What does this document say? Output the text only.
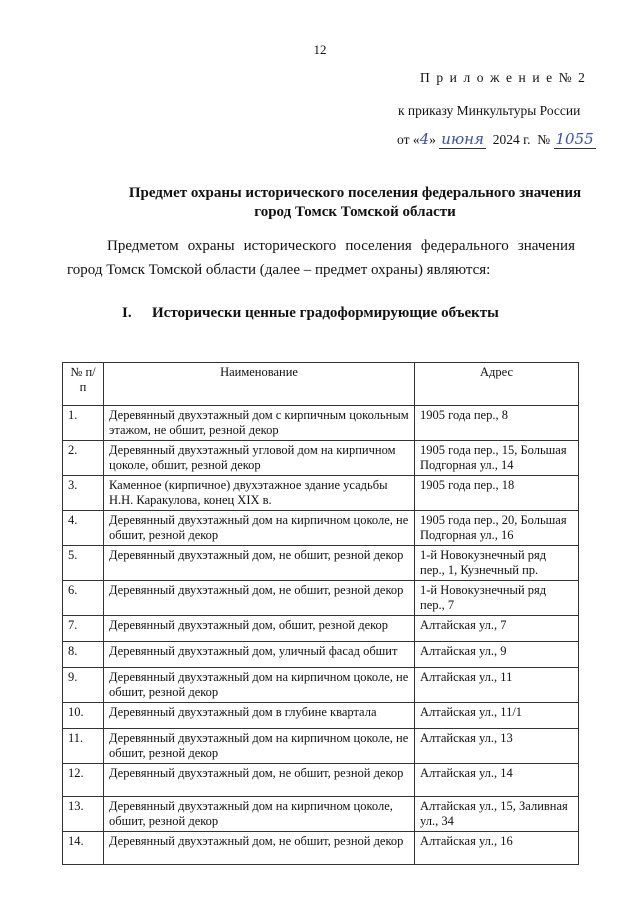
12
П р и л о ж е н и е № 2
к приказу Минкультуры России
от «4» июня 2024 г. № 1055
Предмет охраны исторического поселения федерального значения
город Томск Томской области
Предметом охраны исторического поселения федерального значения
город Томск Томской области (далее – предмет охраны) являются:
I. Исторически ценные градоформирующие объекты
№ п/п	Наименование	Адрес
1.	Деревянный двухэтажный дом с кирпичным цокольным этажом, не обшит, резной декор	1905 года пер., 8
2.	Деревянный двухэтажный угловой дом на кирпичном цоколе, обшит, резной декор	1905 года пер., 15, Большая Подгорная ул., 14
3.	Каменное (кирпичное) двухэтажное здание усадьбы Н.Н. Каракулова, конец XIX в.	1905 года пер., 18
4.	Деревянный двухэтажный дом на кирпичном цоколе, не обшит, резной декор	1905 года пер., 20, Большая Подгорная ул., 16
5.	Деревянный двухэтажный дом, не обшит, резной декор	1-й Новокузнечный ряд пер., 1, Кузнечный пр.
6.	Деревянный двухэтажный дом, не обшит, резной декор	1-й Новокузнечный ряд пер., 7
7.	Деревянный двухэтажный дом, обшит, резной декор	Алтайская ул., 7
8.	Деревянный двухэтажный дом, уличный фасад обшит	Алтайская ул., 9
9.	Деревянный двухэтажный дом на кирпичном цоколе, не обшит, резной декор	Алтайская ул., 11
10.	Деревянный двухэтажный дом в глубине квартала	Алтайская ул., 11/1
11.	Деревянный двухэтажный дом на кирпичном цоколе, не обшит, резной декор	Алтайская ул., 13
12.	Деревянный двухэтажный дом, не обшит, резной декор	Алтайская ул., 14
13.	Деревянный двухэтажный дом на кирпичном цоколе, обшит, резной декор	Алтайская ул., 15, Заливная ул., 34
14.	Деревянный двухэтажный дом, не обшит, резной декор	Алтайская ул., 16
